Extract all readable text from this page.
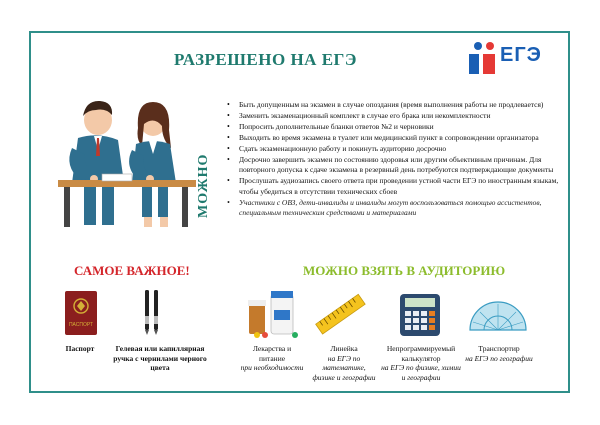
РАЗРЕШЕНО НА ЕГЭ	ЕГЭ
МОЖНО
• Быть допущенным на экзамен в случае опоздания (время выполнения работы не продлевается)
• Заменить экзаменационный комплект в случае его брака или некомплектности
• Попросить дополнительные бланки ответов №2 и черновики
• Выходить во время экзамена в туалет или медицинский пункт в сопровождении организатора
• Сдать экзаменационную работу и покинуть аудиторию досрочно
• Досрочно завершить экзамен по состоянию здоровья или другим объективным причинам. Для повторного допуска к сдаче экзамена в резервный день потребуются подтверждающие документы
• Прослушать аудиозапись своего ответа при проведении устной части ЕГЭ по иностранным языкам, чтобы убедиться в отсутствии технических сбоев
• Участники с ОВЗ, дети-инвалиды и инвалиды могут воспользоваться помощью ассистентов, специальным техническим средствами и материалами
САМОЕ ВАЖНОЕ!
ПАСПОРТ
Паспорт	Гелевая или капиллярная ручка с чернилами черного цвета
МОЖНО ВЗЯТЬ В АУДИТОРИЮ
Лекарства и питание
при необходимости
Линейка
на ЕГЭ по математике, физике и географии
Непрограммируемый калькулятор
на ЕГЭ по физике, химии и географии
Транспортир
на ЕГЭ по географии
